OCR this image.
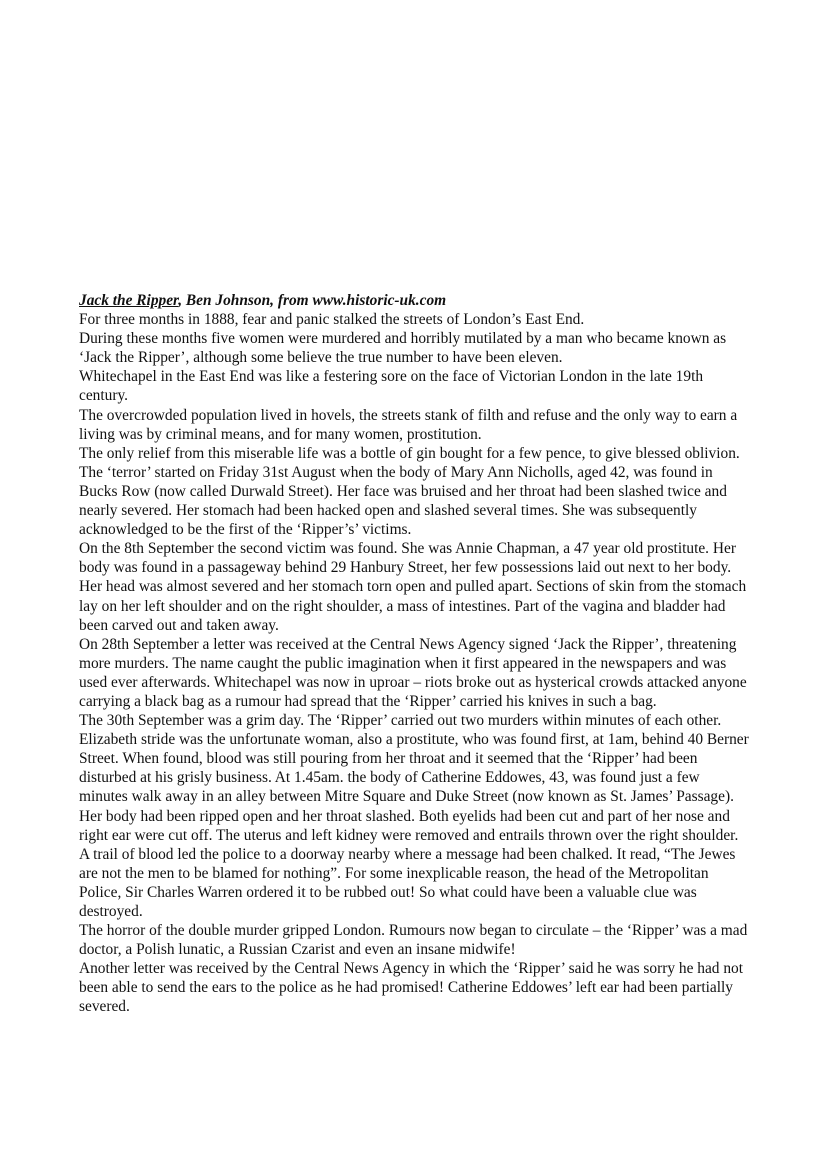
Jack the Ripper, Ben Johnson, from www.historic-uk.com

For three months in 1888, fear and panic stalked the streets of London’s East End.

During these months five women were murdered and horribly mutilated by a man who became known as ‘Jack the Ripper’, although some believe the true number to have been eleven.

Whitechapel in the East End was like a festering sore on the face of Victorian London in the late 19th century.

The overcrowded population lived in hovels, the streets stank of filth and refuse and the only way to earn a living was by criminal means, and for many women, prostitution.

The only relief from this miserable life was a bottle of gin bought for a few pence, to give blessed oblivion.

The ‘terror’ started on Friday 31st August when the body of Mary Ann Nicholls, aged 42, was found in Bucks Row (now called Durwald Street). Her face was bruised and her throat had been slashed twice and nearly severed. Her stomach had been hacked open and slashed several times. She was subsequently acknowledged to be the first of the ‘Ripper’s’ victims.

On the 8th September the second victim was found. She was Annie Chapman, a 47 year old prostitute. Her body was found in a passageway behind 29 Hanbury Street, her few possessions laid out next to her body. Her head was almost severed and her stomach torn open and pulled apart. Sections of skin from the stomach lay on her left shoulder and on the right shoulder, a mass of intestines. Part of the vagina and bladder had been carved out and taken away.

On 28th September a letter was received at the Central News Agency signed ‘Jack the Ripper’, threatening more murders. The name caught the public imagination when it first appeared in the newspapers and was used ever afterwards. Whitechapel was now in uproar – riots broke out as hysterical crowds attacked anyone carrying a black bag as a rumour had spread that the ‘Ripper’ carried his knives in such a bag.

The 30th September was a grim day. The ‘Ripper’ carried out two murders within minutes of each other. Elizabeth stride was the unfortunate woman, also a prostitute, who was found first, at 1am, behind 40 Berner Street. When found, blood was still pouring from her throat and it seemed that the ‘Ripper’ had been disturbed at his grisly business. At 1.45am. the body of Catherine Eddowes, 43, was found just a few minutes walk away in an alley between Mitre Square and Duke Street (now known as St. James’ Passage). Her body had been ripped open and her throat slashed. Both eyelids had been cut and part of her nose and right ear were cut off. The uterus and left kidney were removed and entrails thrown over the right shoulder.

A trail of blood led the police to a doorway nearby where a message had been chalked. It read, “The Jewes are not the men to be blamed for nothing”. For some inexplicable reason, the head of the Metropolitan Police, Sir Charles Warren ordered it to be rubbed out! So what could have been a valuable clue was destroyed.

The horror of the double murder gripped London. Rumours now began to circulate – the ‘Ripper’ was a mad doctor, a Polish lunatic, a Russian Czarist and even an insane midwife!

Another letter was received by the Central News Agency in which the ‘Ripper’ said he was sorry he had not been able to send the ears to the police as he had promised! Catherine Eddowes’ left ear had been partially severed.
